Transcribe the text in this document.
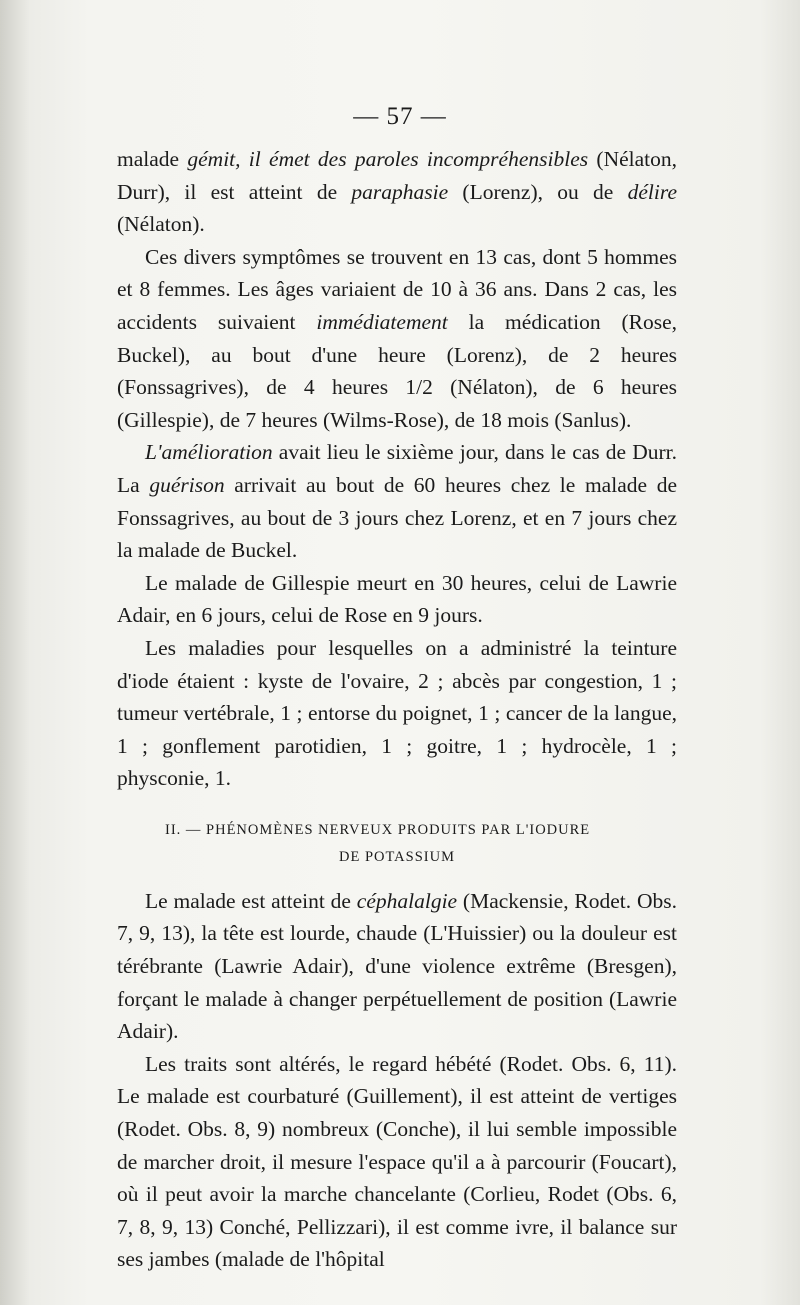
— 57 —

malade gémit, il émet des paroles incompréhensibles (Nélaton, Durr), il est atteint de paraphasie (Lorenz), ou de délire (Nélaton).

Ces divers symptômes se trouvent en 13 cas, dont 5 hommes et 8 femmes. Les âges variaient de 10 à 36 ans. Dans 2 cas, les accidents suivaient immédiatement la médication (Rose, Buckel), au bout d'une heure (Lorenz), de 2 heures (Fonssagrives), de 4 heures 1/2 (Nélaton), de 6 heures (Gillespie), de 7 heures (Wilms-Rose), de 18 mois (Sanlus).

L'amélioration avait lieu le sixième jour, dans le cas de Durr. La guérison arrivait au bout de 60 heures chez le malade de Fonssagrives, au bout de 3 jours chez Lorenz, et en 7 jours chez la malade de Buckel.

Le malade de Gillespie meurt en 30 heures, celui de Lawrie Adair, en 6 jours, celui de Rose en 9 jours.

Les maladies pour lesquelles on a administré la teinture d'iode étaient : kyste de l'ovaire, 2 ; abcès par congestion, 1 ; tumeur vertébrale, 1 ; entorse du poignet, 1 ; cancer de la langue, 1 ; gonflement parotidien, 1 ; goitre, 1 ; hydrocèle, 1 ; physconie, 1.

II. — PHÉNOMÈNES NERVEUX PRODUITS PAR L'IODURE
DE POTASSIUM

Le malade est atteint de céphalalgie (Mackensie, Rodet. Obs. 7, 9, 13), la tête est lourde, chaude (L'Huissier) ou la douleur est térébrante (Lawrie Adair), d'une violence extrême (Bresgen), forçant le malade à changer perpétuellement de position (Lawrie Adair).

Les traits sont altérés, le regard hébété (Rodet. Obs. 6, 11). Le malade est courbaturé (Guillement), il est atteint de vertiges (Rodet. Obs. 8, 9) nombreux (Conche), il lui semble impossible de marcher droit, il mesure l'espace qu'il a à parcourir (Foucart), où il peut avoir la marche chancelante (Corlieu, Rodet (Obs. 6, 7, 8, 9, 13) Conché, Pellizzari), il est comme ivre, il balance sur ses jambes (malade de l'hôpital
